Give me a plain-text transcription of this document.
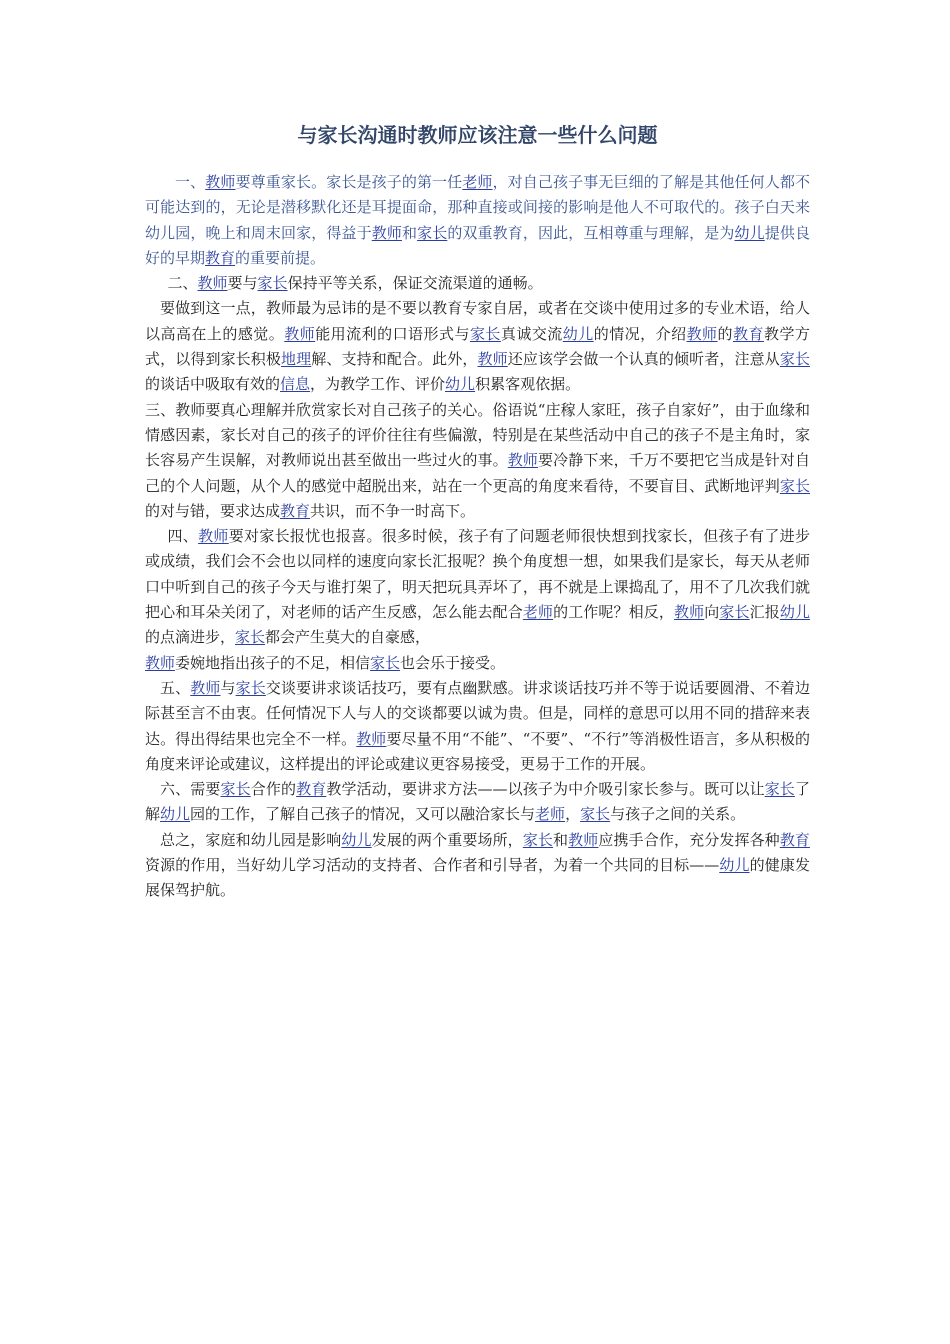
与家长沟通时教师应该注意一些什么问题

一、教师要尊重家长。家长是孩子的第一任老师，对自己孩子事无巨细的了解是其他任何人都不可能达到的，无论是潜移默化还是耳提面命，那种直接或间接的影响是他人不可取代的。孩子白天来幼儿园，晚上和周末回家，得益于教师和家长的双重教育，因此，互相尊重与理解，是为幼儿提供良好的早期教育的重要前提。

二、教师要与家长保持平等关系，保证交流渠道的通畅。

要做到这一点，教师最为忌讳的是不要以教育专家自居，或者在交谈中使用过多的专业术语，给人以高高在上的感觉。教师能用流利的口语形式与家长真诚交流幼儿的情况，介绍教师的教育教学方式，以得到家长积极地理解、支持和配合。此外，教师还应该学会做一个认真的倾听者，注意从家长的谈话中吸取有效的信息，为教学工作、评价幼儿积累客观依据。

三、教师要真心理解并欣赏家长对自己孩子的关心。俗语说“庄稼人家旺，孩子自家好”，由于血缘和情感因素，家长对自己的孩子的评价往往有些偏激，特别是在某些活动中自己的孩子不是主角时，家长容易产生误解，对教师说出甚至做出一些过火的事。教师要冷静下来，千万不要把它当成是针对自己的个人问题，从个人的感觉中超脱出来，站在一个更高的角度来看待，不要盲目、武断地评判家长的对与错，要求达成教育共识，而不争一时高下。

四、教师要对家长报忧也报喜。很多时候，孩子有了问题老师很快想到找家长，但孩子有了进步或成绩，我们会不会也以同样的速度向家长汇报呢？换个角度想一想，如果我们是家长，每天从老师口中听到自己的孩子今天与谁打架了，明天把玩具弄坏了，再不就是上课捣乱了，用不了几次我们就把心和耳朵关闭了，对老师的话产生反感，怎么能去配合老师的工作呢？相反，教师向家长汇报幼儿的点滴进步，家长都会产生莫大的自豪感，
教师委婉地指出孩子的不足，相信家长也会乐于接受。

五、教师与家长交谈要讲求谈话技巧，要有点幽默感。讲求谈话技巧并不等于说话要圆滑、不着边际甚至言不由衷。任何情况下人与人的交谈都要以诚为贵。但是，同样的意思可以用不同的措辞来表达。得出得结果也完全不一样。教师要尽量不用“不能”、“不要”、“不行”等消极性语言，多从积极的角度来评论或建议，这样提出的评论或建议更容易接受，更易于工作的开展。

六、需要家长合作的教育教学活动，要讲求方法——以孩子为中介吸引家长参与。既可以让家长了解幼儿园的工作，了解自己孩子的情况，又可以融洽家长与老师，家长与孩子之间的关系。

总之，家庭和幼儿园是影响幼儿发展的两个重要场所，家长和教师应携手合作，充分发挥各种教育资源的作用，当好幼儿学习活动的支持者、合作者和引导者，为着一个共同的目标——幼儿的健康发展保驾护航。
